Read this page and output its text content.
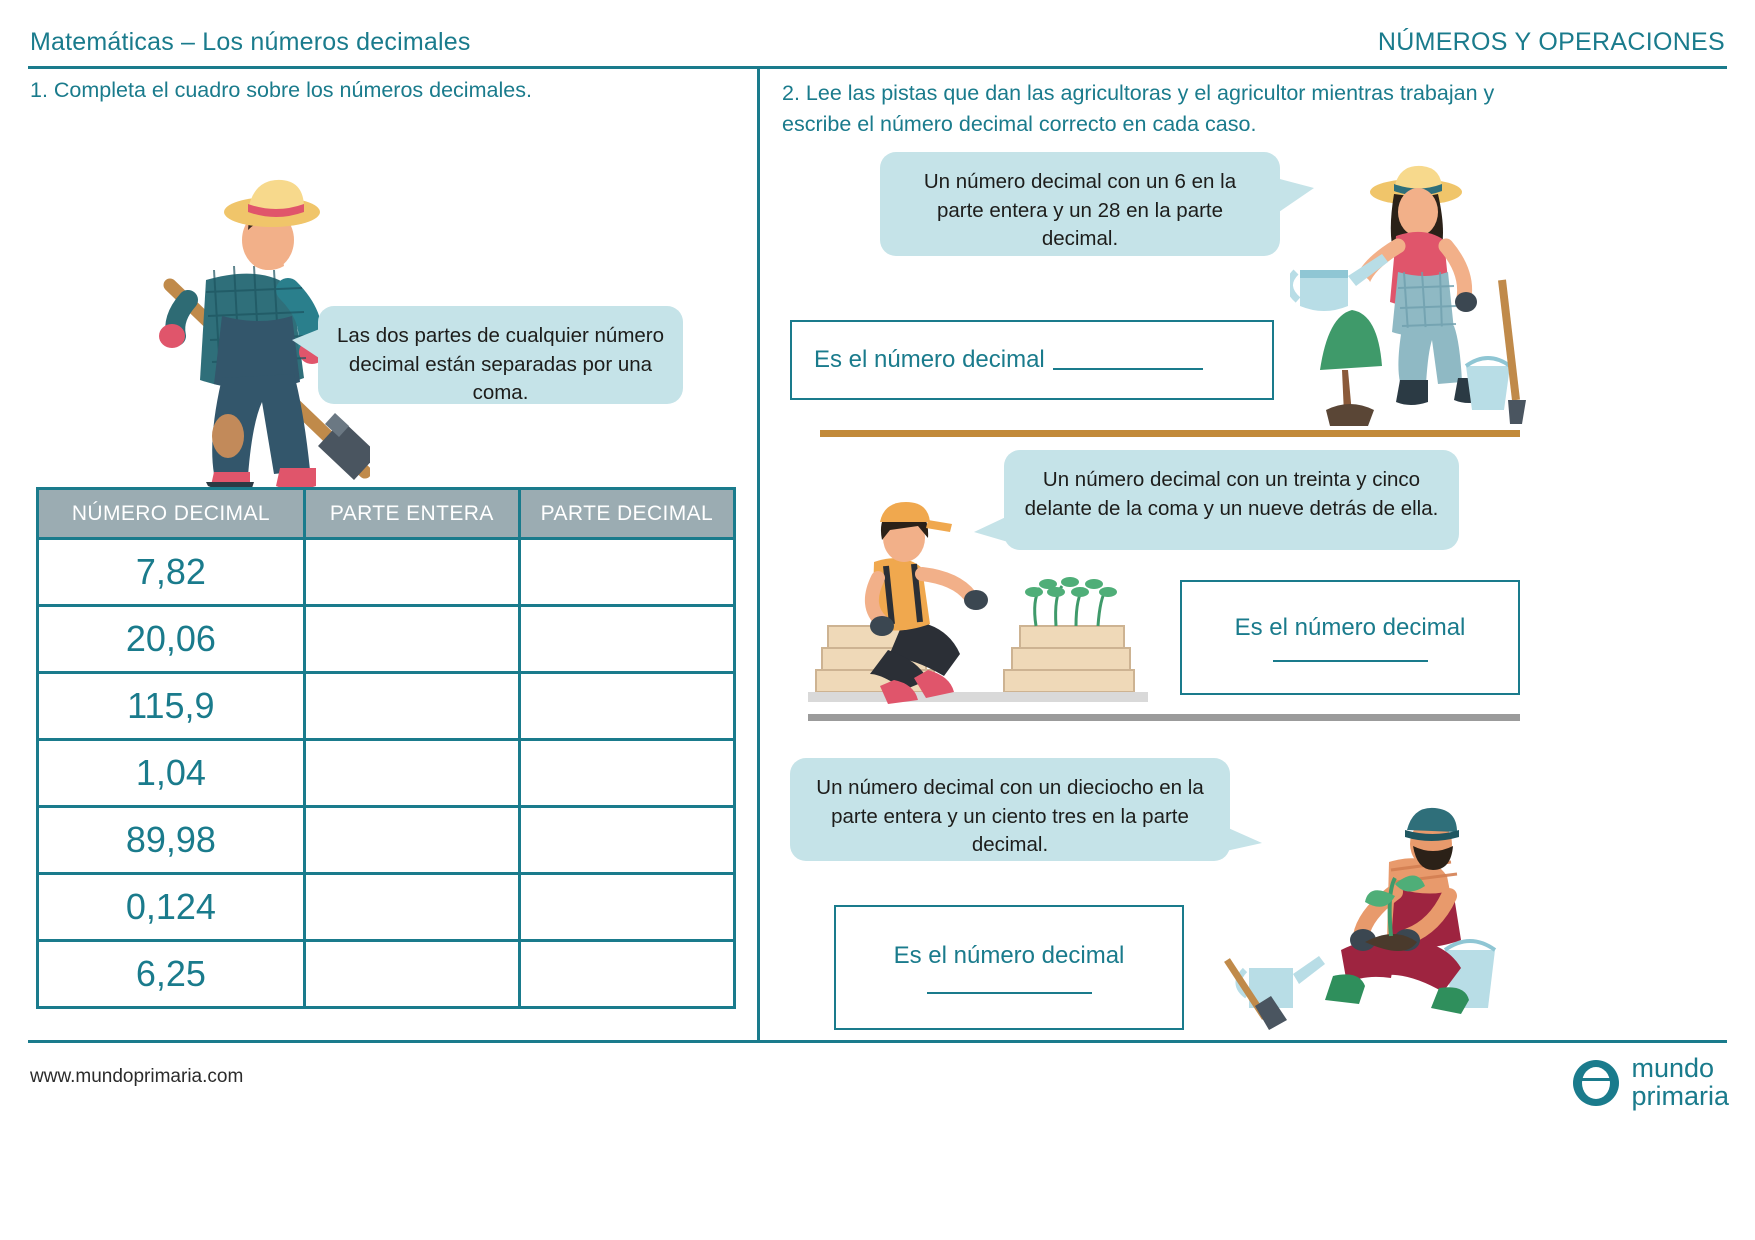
Matemáticas – Los números decimales	NÚMEROS Y OPERACIONES
1. Completa el cuadro sobre los números decimales.
Las dos partes de cualquier número decimal están separadas por una coma.
NÚMERO DECIMAL	PARTE ENTERA	PARTE DECIMAL
7,82		
20,06		
115,9		
1,04		
89,98		
0,124		
6,25		
2. Lee las pistas que dan las agricultoras y el agricultor mientras trabajan y escribe el número decimal correcto en cada caso.
Un número decimal con un 6 en la parte entera y un 28 en la parte decimal.
Es el número decimal
Un número decimal con un treinta y cinco delante de la coma y un nueve detrás de ella.
Es el número decimal
Un número decimal con un dieciocho en la parte entera y un ciento tres en la parte decimal.
Es el número decimal
www.mundoprimaria.com	mundo
primaria
